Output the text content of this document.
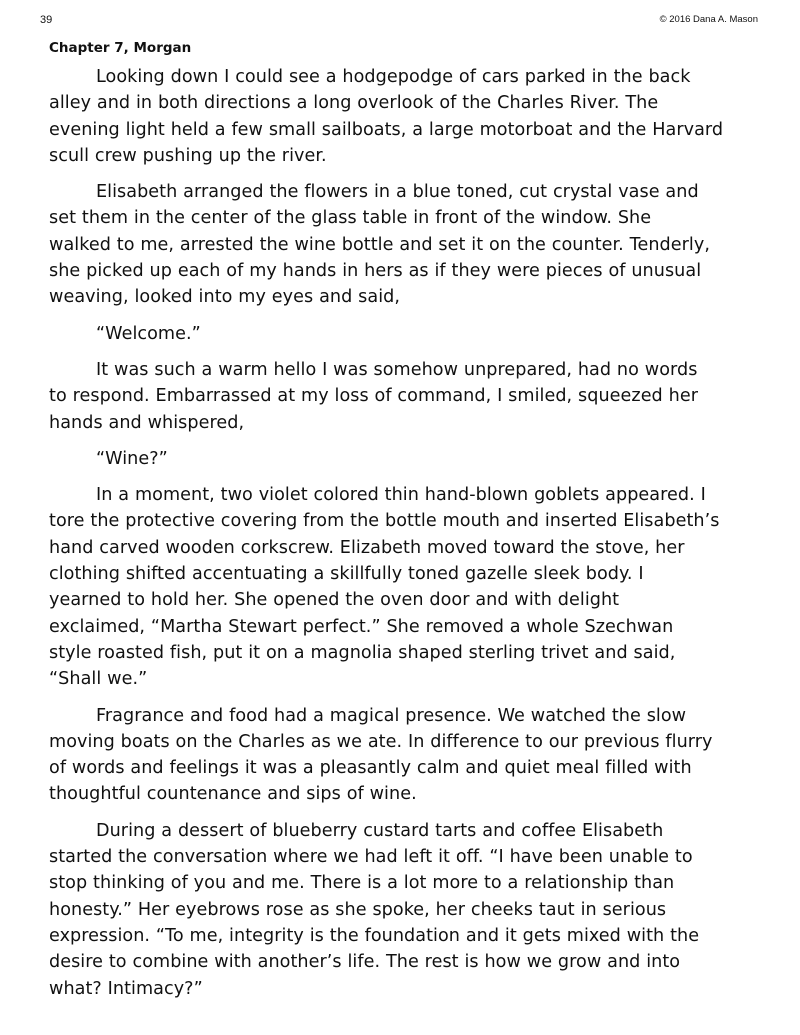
39	© 2016 Dana A. Mason
Chapter 7, Morgan

Looking down I could see a hodgepodge of cars parked in the back
alley and in both directions a long overlook of the Charles River. The
evening light held a few small sailboats, a large motorboat and the Harvard
scull crew pushing up the river.

Elisabeth arranged the flowers in a blue toned, cut crystal vase and
set them in the center of the glass table in front of the window. She
walked to me, arrested the wine bottle and set it on the counter. Tenderly,
she picked up each of my hands in hers as if they were pieces of unusual
weaving, looked into my eyes and said,

“Welcome.”

It was such a warm hello I was somehow unprepared, had no words
to respond. Embarrassed at my loss of command, I smiled, squeezed her
hands and whispered,

“Wine?”

In a moment, two violet colored thin hand-blown goblets appeared. I
tore the protective covering from the bottle mouth and inserted Elisabeth’s
hand carved wooden corkscrew. Elizabeth moved toward the stove, her
clothing shifted accentuating a skillfully toned gazelle sleek body. I
yearned to hold her. She opened the oven door and with delight
exclaimed, “Martha Stewart perfect.” She removed a whole Szechwan
style roasted fish, put it on a magnolia shaped sterling trivet and said,
“Shall we.”

Fragrance and food had a magical presence. We watched the slow
moving boats on the Charles as we ate. In difference to our previous flurry
of words and feelings it was a pleasantly calm and quiet meal filled with
thoughtful countenance and sips of wine.

During a dessert of blueberry custard tarts and coffee Elisabeth
started the conversation where we had left it off. “I have been unable to
stop thinking of you and me. There is a lot more to a relationship than
honesty.” Her eyebrows rose as she spoke, her cheeks taut in serious
expression. “To me, integrity is the foundation and it gets mixed with the
desire to combine with another’s life. The rest is how we grow and into
what? Intimacy?”
